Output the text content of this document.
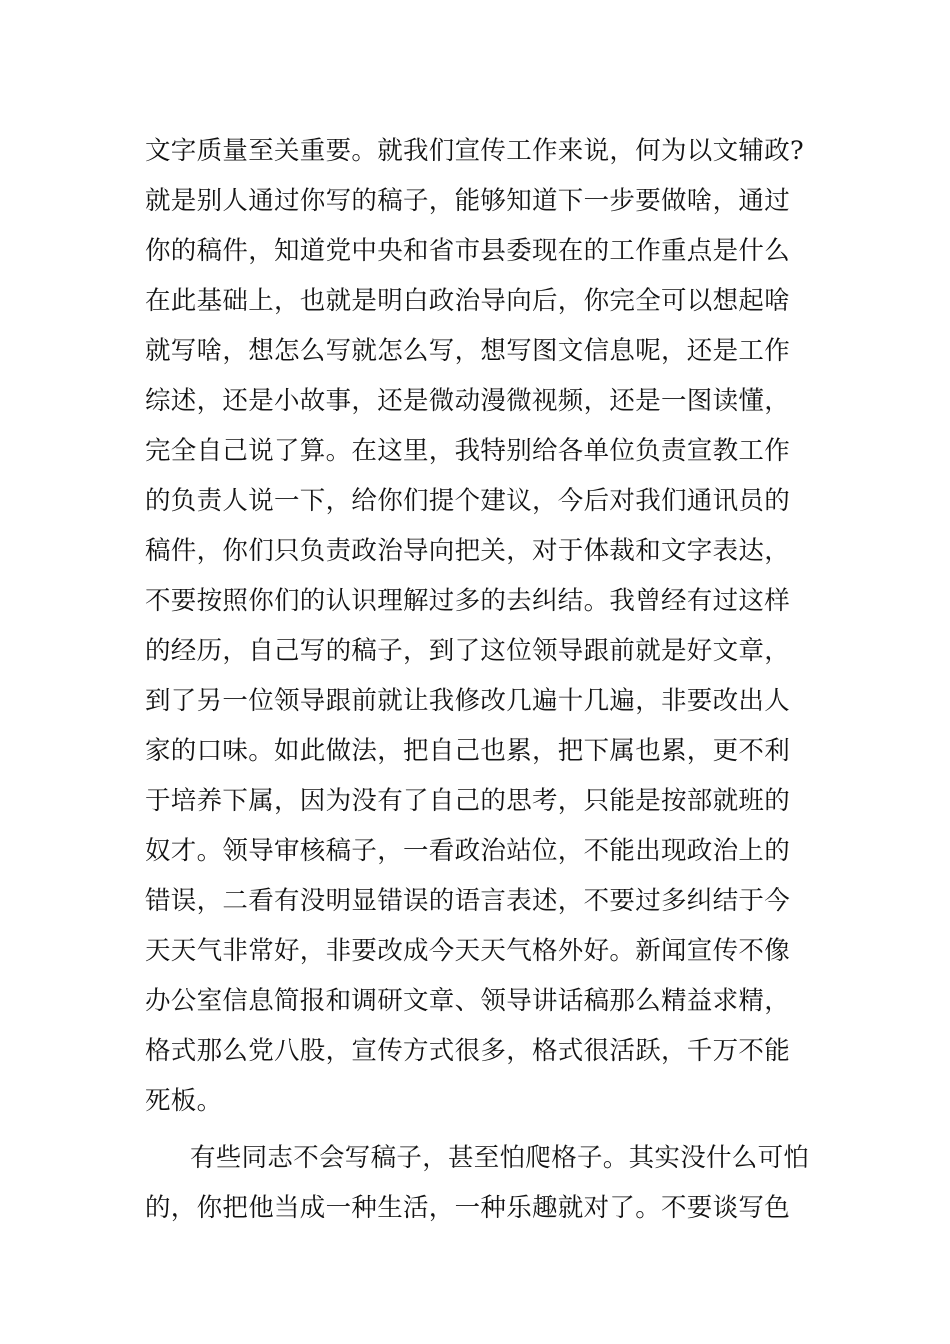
文字质量至关重要。就我们宣传工作来说，何为以文辅政?
就是别人通过你写的稿子，能够知道下一步要做啥，通过
你的稿件，知道党中央和省市县委现在的工作重点是什么
在此基础上，也就是明白政治导向后，你完全可以想起啥
就写啥，想怎么写就怎么写，想写图文信息呢，还是工作
综述，还是小故事，还是微动漫微视频，还是一图读懂，
完全自己说了算。在这里，我特别给各单位负责宣教工作
的负责人说一下，给你们提个建议，今后对我们通讯员的
稿件，你们只负责政治导向把关，对于体裁和文字表达，
不要按照你们的认识理解过多的去纠结。我曾经有过这样
的经历，自己写的稿子，到了这位领导跟前就是好文章，
到了另一位领导跟前就让我修改几遍十几遍，非要改出人
家的口味。如此做法，把自己也累，把下属也累，更不利
于培养下属，因为没有了自己的思考，只能是按部就班的
奴才。领导审核稿子，一看政治站位，不能出现政治上的
错误，二看有没明显错误的语言表述，不要过多纠结于今
天天气非常好，非要改成今天天气格外好。新闻宣传不像
办公室信息简报和调研文章、领导讲话稿那么精益求精，
格式那么党八股，宣传方式很多，格式很活跃，千万不能
死板。
有些同志不会写稿子，甚至怕爬格子。其实没什么可怕
的，你把他当成一种生活，一种乐趣就对了。不要谈写色
